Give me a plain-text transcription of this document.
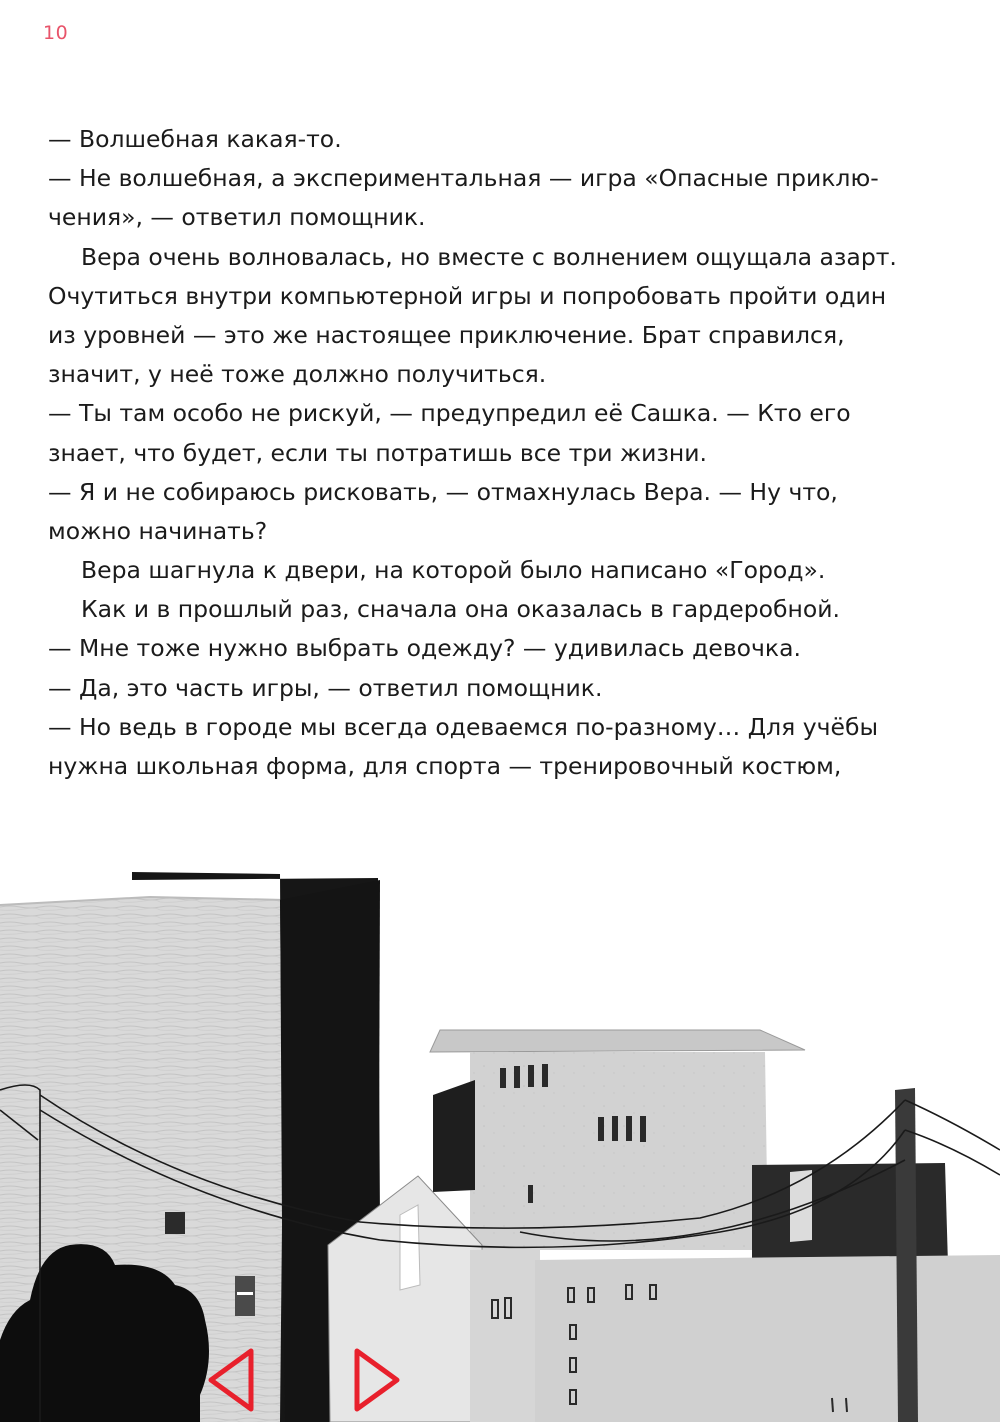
10
— Волшебная какая-то.
— Не волшебная, а экспериментальная — игра «Опасные приклю-
чения», — ответил помощник.
Вера очень волновалась, но вместе с волнением ощущала азарт.
Очутиться внутри компьютерной игры и попробовать пройти один
из уровней — это же настоящее приключение. Брат справился,
значит, у неё тоже должно получиться.
— Ты там особо не рискуй, — предупредил её Сашка. — Кто его
знает, что будет, если ты потратишь все три жизни.
— Я и не собираюсь рисковать, — отмахнулась Вера. — Ну что,
можно начинать?
Вера шагнула к двери, на которой было написано «Город».
Как и в прошлый раз, сначала она оказалась в гардеробной.
— Мне тоже нужно выбрать одежду? — удивилась девочка.
— Да, это часть игры, — ответил помощник.
— Но ведь в городе мы всегда одеваемся по-разному… Для учёбы
нужна школьная форма, для спорта — тренировочный костюм,
